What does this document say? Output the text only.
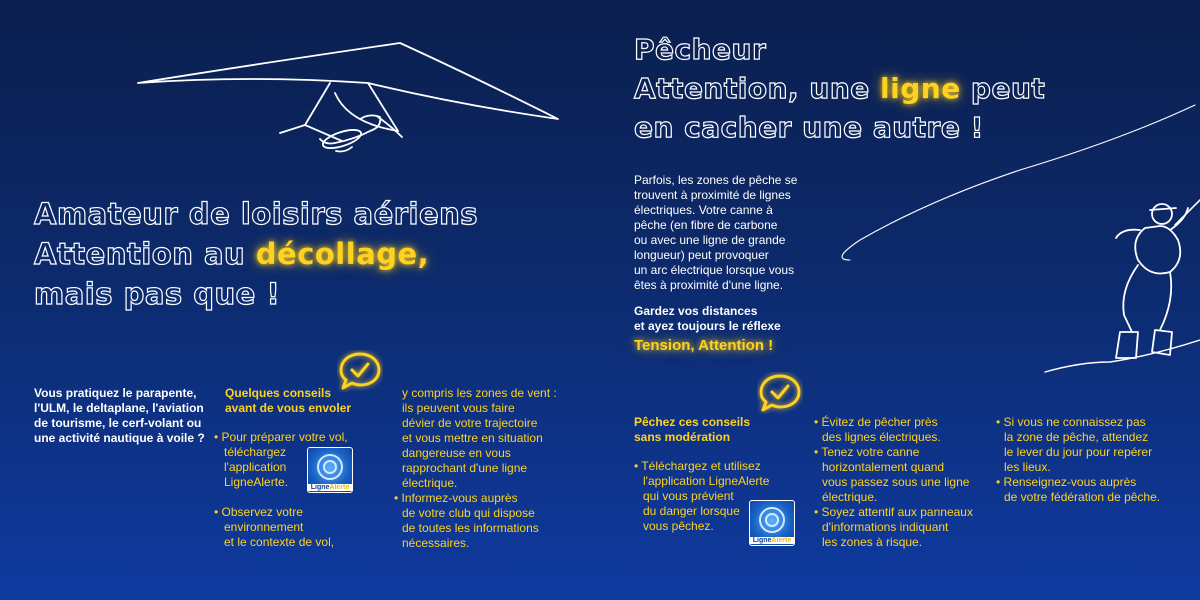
Amateur de loisirs aériens
Attention au décollage,
mais pas que !
Vous pratiquez le parapente, l'ULM, le deltaplane, l'aviation de tourisme, le cerf-volant ou une activité nautique à voile ?
Quelques conseils
avant de vous envoler
• Pour préparer votre vol,
téléchargez
l'application
LigneAlerte.	LigneAlerte
• Observez votre
environnement
et le contexte de vol,
y compris les zones de vent :
ils peuvent vous faire
dévier de votre trajectoire
et vous mettre en situation
dangereuse en vous
rapprochant d'une ligne
électrique.
• Informez-vous auprès
de votre club qui dispose
de toutes les informations
nécessaires.
Pêcheur
Attention, une ligne peut
en cacher une autre !
Parfois, les zones de pêche se
trouvent à proximité de lignes
électriques. Votre canne à
pêche (en fibre de carbone
ou avec une ligne de grande
longueur) peut provoquer
un arc électrique lorsque vous
êtes à proximité d'une ligne.
Gardez vos distances
et ayez toujours le réflexe
Tension, Attention !
Pêchez ces conseils
sans modération
• Téléchargez et utilisez
l'application LigneAlerte
qui vous prévient
du danger lorsque
vous pêchez.
LigneAlerte
• Évitez de pêcher près
des lignes électriques.
• Tenez votre canne
horizontalement quand
vous passez sous une ligne
électrique.
• Soyez attentif aux panneaux
d'informations indiquant
les zones à risque.
• Si vous ne connaissez pas
la zone de pêche, attendez
le lever du jour pour repérer
les lieux.
• Renseignez-vous auprès
de votre fédération de pêche.
